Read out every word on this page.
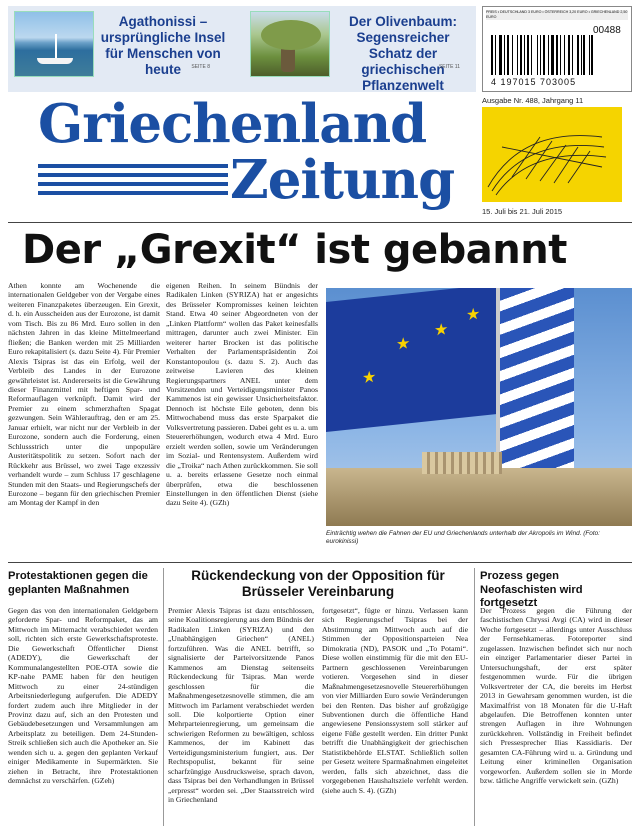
Agathonissi –
ursprüngliche Insel
für Menschen von heute	SEITE 8
Der Olivenbaum:
Segensreicher Schatz der
griechischen Pflanzenwelt
SEITE 11
PREIS • DEUTSCHLAND 3 EURO • ÖSTERREICH 3,20 EURO • GRIECHENLAND 2,50 EURO
00488
4 197015 703005
Griechenland
Zeitung
Ausgabe Nr. 488, Jahrgang 11
15. Juli bis 21. Juli 2015
Der „Grexit“ ist gebannt

Athen konnte am Wochenende die internationalen Geldgeber von der Vergabe eines weiteren Finanzpaketes überzeugen. Ein Grexit, d. h. ein Ausscheiden aus der Eurozone, ist damit vom Tisch. Bis zu 86 Mrd. Euro sollen in den nächsten Jahren in das kleine Mittelmeerland fließen; die Banken werden mit 25 Milliarden Euro rekapitalisiert (s. dazu Seite 4). Für Premier Alexis Tsipras ist das ein Erfolg, weil der Verbleib des Landes in der Eurozone gewährleistet ist. Andererseits ist die Gewährung dieser Finanzmittel mit heftigen Spar- und Reformauflagen verknüpft. Damit wird der Premier zu einem schmerzhaften Spagat gezwungen. Sein Wählerauftrag, den er am 25. Januar erhielt, war nicht nur der Verbleib in der Eurozone, sondern auch die Forderung, einen Schlussstrich unter die unpopuläre Austeritätspolitik zu setzen. Sofort nach der Rückkehr aus Brüssel, wo zwei Tage exzessiv verhandelt wurde – zum Schluss 17 geschlagene Stunden mit den Staats- und Regierungschefs der Eurozone – begann für den griechischen Premier am Montag der Kampf in den

eigenen Reihen. In seinem Bündnis der Radikalen Linken (SYRIZA) hat er angesichts des Brüsseler Kompromisses keinen leichten Stand. Etwa 40 seiner Abgeordneten von der „Linken Plattform“ wollen das Paket keinesfalls mittragen, darunter auch zwei Minister. Ein weiterer harter Brocken ist das politische Verhalten der Parlamentspräsidentin Zoi Konstantopoulou (s. dazu S. 2). Auch das zeitweise Lavieren des kleinen Regierungspartners ANEL unter dem Vorsitzenden und Verteidigungsminister Panos Kammenos ist ein gewisser Unsicherheitsfaktor. Dennoch ist höchste Eile geboten, denn bis Mittwochabend muss das erste Sparpaket die Volksvertretung passieren. Dabei geht es u. a. um Steuererhöhungen, wodurch etwa 4 Mrd. Euro erzielt werden sollen, sowie um Veränderungen im Sozial- und Rentensystem. Außerdem wird die „Troika“ nach Athen zurückkommen. Sie soll u. a. bereits erlassene Gesetze noch einmal überprüfen, etwa die beschlossenen Einstellungen in den öffentlichen Dienst (siehe dazu Seite 4). (GZh)

★
★
★
★
Einträchtig wehen die Fahnen der EU und Griechenlands unterhalb der Akropolis im Wind. (Foto: eurokinissi)
Protestaktionen gegen die geplanten Maßnahmen
Gegen das von den internationalen Geldgebern geforderte Spar- und Reformpaket, das am Mittwoch im Mittemacht verabschiedet werden soll, richten sich erste Gewerkschaftsproteste. Die Gewerkschaft Öffentlicher Dienst (ADEDY), die Gewerkschaft der Kommunalangestellten POE-OTA sowie die KP-nahe PAME haben für den heutigen Mittwoch zu einer 24-stündigen Arbeitsniederlegung aufgerufen. Die ADEDY fordert zudem auch ihre Mitglieder in der Provinz dazu auf, sich an den Protesten und Gebäudebesetzungen und Versammlungen am Arbeitsplatz zu beteiligen. Dem 24-Stunden-Streik schließen sich auch die Apotheker an. Sie wenden sich u. a. gegen den geplanten Verkauf einiger Medikamente in Supermärkten. Sie ziehen in Betracht, ihre Protestaktionen demnächst zu verschärfen. (GZeh)
Rückendeckung von der Opposition für Brüsseler Vereinbarung
Premier Alexis Tsipras ist dazu entschlossen, seine Koalitionsregierung aus dem Bündnis der Radikalen Linken (SYRIZA) und den „Unabhängigen Griechen“ (ANEL) fortzuführen. Was die ANEL betrifft, so signalisierte der Parteivorsitzende Panos Kammenos am Dienstag seitenseits Rückendeckung für Tsipras. Man werde geschlossen für die Maßnahmengesetzesnovelle stimmen, die am Mittwoch im Parlament verabschiedet werden soll. Die kolportierte Option einer Mehrparteienregierung, um gemeinsam die schwierigen Reformen zu bewältigen, schloss Kammenos, der im Kabinett das Verteidigungsministerium fungiert, aus. Der Rechtspopulist, bekannt für seine scharfzüngige Ausdrucksweise, sprach davon, dass Tsipras bei den Verhandlungen in Brüssel „erpresst“ worden sei. „Der Staatsstreich wird in Griechenland
fortgesetzt“, fügte er hinzu. Verlassen kann sich Regierungschef Tsipras bei der Abstimmung am Mittwoch auch auf die Stimmen der Oppositionsparteien Nea Dimokratia (ND), PASOK und „To Potami“. Diese wollen einstimmig für die mit den EU-Partnern geschlossenen Vereinbarungen votieren. Vorgesehen sind in dieser Maßnahmengesetzesnovelle Steuererhöhungen von vier Milliarden Euro sowie Veränderungen bei den Renten. Das bisher auf großzügige Subventionen durch die öffentliche Hand angewiesene Pensionssystem soll stärker auf eigene Füße gestellt werden. Ein dritter Punkt betrifft die Unabhängigkeit der griechischen Statistikbehörde ELSTAT. Schließlich sollen per Gesetz weitere Sparmaßnahmen eingeleitet werden, falls sich abzeichnet, dass die vorgegebenen Haushaltsziele verfehlt werden. (siehe auch S. 4). (GZh)
Prozess gegen Neofaschisten wird fortgesetzt
Der Prozess gegen die Führung der faschistischen Chryssi Avgi (CA) wird in dieser Woche fortgesetzt – allerdings unter Ausschluss der Fernsehkameras. Fotoreporter sind zugelassen. Inzwischen befindet sich nur noch ein einziger Parlamentarier dieser Partei in Untersuchungshaft, der erst später festgenommen wurde. Für die übrigen Volksvertreter der CA, die bereits im Herbst 2013 in Gewahrsam genommen wurden, ist die Maximalfrist von 18 Monaten für die U-Haft abgelaufen. Die Betroffenen konnten unter strengen Auflagen in ihre Wohnungen zurückkehren. Vollständig in Freiheit befindet sich Pressesprecher Ilias Kassidiaris. Der gesamten CA-Führung wird u. a. Gründung und Leitung einer kriminellen Organisation vorgeworfen. Außerdem sollen sie in Morde bzw. tätliche Angriffe verwickelt sein. (GZh)
